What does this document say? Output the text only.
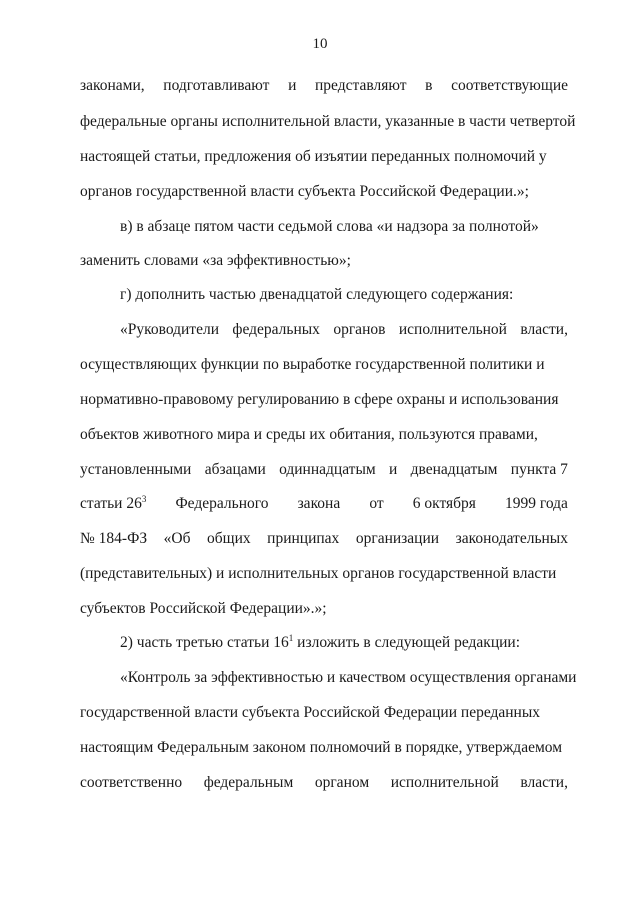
10
законами, подготавливают и представляют в соответствующие
федеральные органы исполнительной власти, указанные в части четвертой
настоящей статьи, предложения об изъятии переданных полномочий у
органов государственной власти субъекта Российской Федерации.»;
в) в абзаце пятом части седьмой слова «и надзора за полнотой»
заменить словами «за эффективностью»;
г) дополнить частью двенадцатой следующего содержания:
«Руководители федеральных органов исполнительной власти,
осуществляющих функции по выработке государственной политики и
нормативно-правовому регулированию в сфере охраны и использования
объектов животного мира и среды их обитания, пользуются правами,
установленными абзацами одиннадцатым и двенадцатым пункта 7
статьи $26^3$ Федерального закона от 6 октября 1999 года
№ 184-ФЗ «Об общих принципах организации законодательных
(представительных) и исполнительных органов государственной власти
субъектов Российской Федерации».»;
2) часть третью статьи $16^1$ изложить в следующей редакции:
«Контроль за эффективностью и качеством осуществления органами
государственной власти субъекта Российской Федерации переданных
настоящим Федеральным законом полномочий в порядке, утверждаемом
соответственно федеральным органом исполнительной власти,
